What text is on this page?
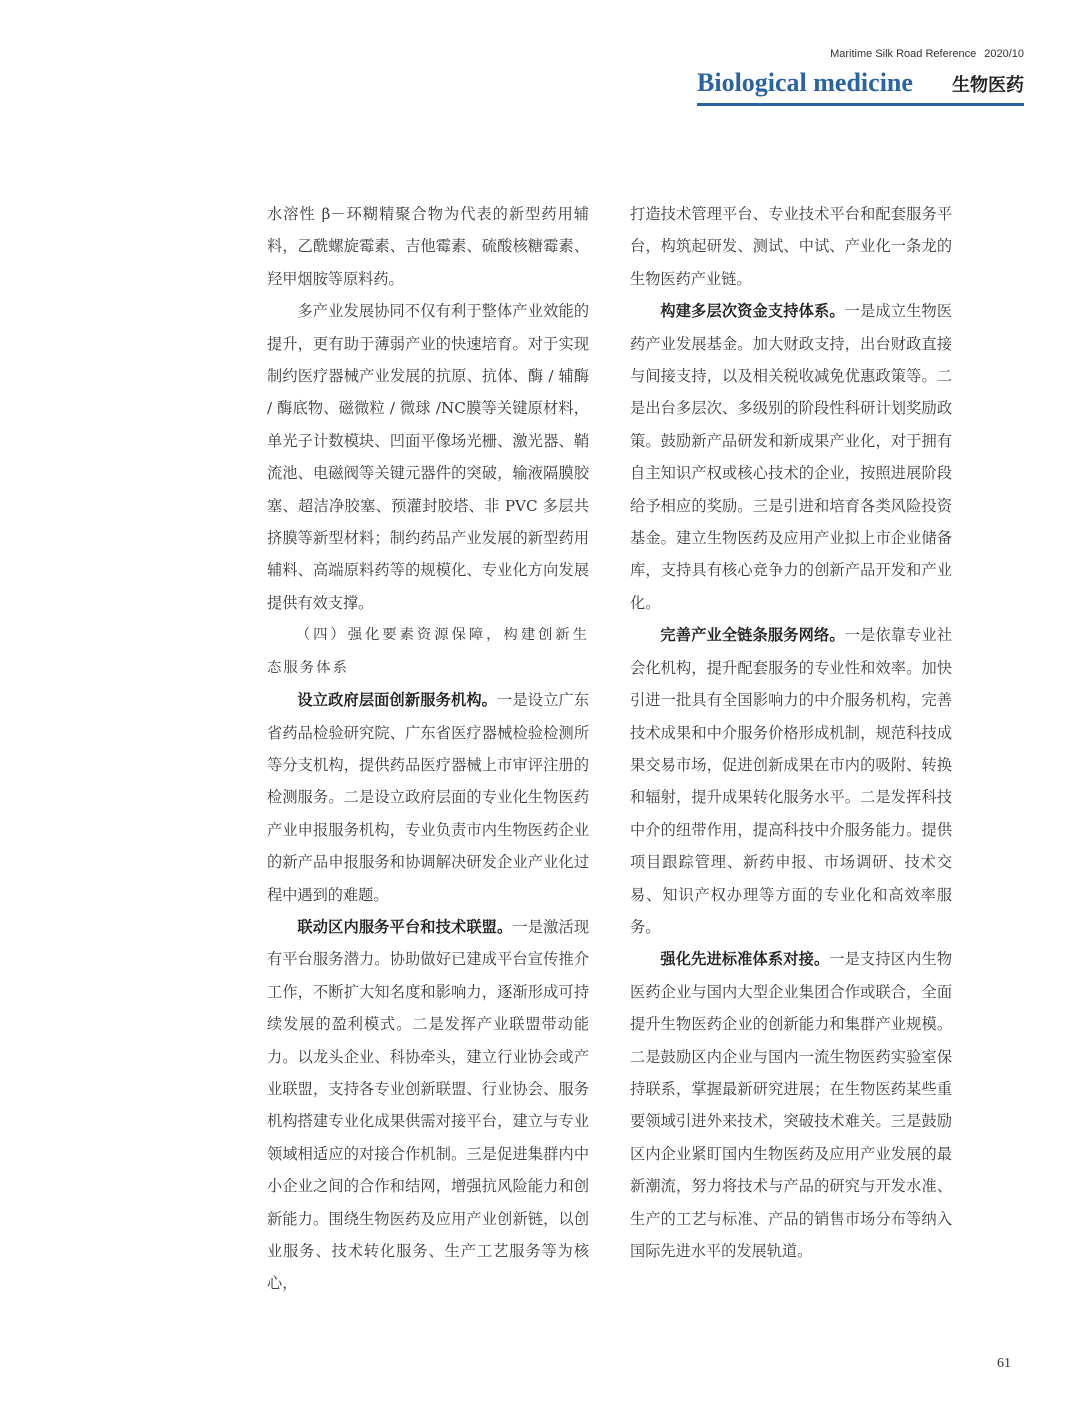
Maritime Silk Road Reference 2020/10
Biological medicine 生物医药

水溶性 β－环糊精聚合物为代表的新型药用辅料，乙酰螺旋霉素、吉他霉素、硫酸核糖霉素、羟甲烟胺等原料药。

多产业发展协同不仅有利于整体产业效能的提升，更有助于薄弱产业的快速培育。对于实现制约医疗器械产业发展的抗原、抗体、酶 / 辅酶 / 酶底物、磁微粒 / 微球 /NC膜等关键原材料，单光子计数模块、凹面平像场光栅、激光器、鞘流池、电磁阀等关键元器件的突破，输液隔膜胶塞、超洁净胶塞、预灌封胶塔、非 PVC 多层共挤膜等新型材料；制约药品产业发展的新型药用辅料、高端原料药等的规模化、专业化方向发展提供有效支撑。

（四）强化要素资源保障，构建创新生态服务体系

设立政府层面创新服务机构。一是设立广东省药品检验研究院、广东省医疗器械检验检测所等分支机构，提供药品医疗器械上市审评注册的检测服务。二是设立政府层面的专业化生物医药产业申报服务机构，专业负责市内生物医药企业的新产品申报服务和协调解决研发企业产业化过程中遇到的难题。

联动区内服务平台和技术联盟。一是激活现有平台服务潜力。协助做好已建成平台宣传推介工作，不断扩大知名度和影响力，逐渐形成可持续发展的盈利模式。二是发挥产业联盟带动能力。以龙头企业、科协牵头，建立行业协会或产业联盟，支持各专业创新联盟、行业协会、服务机构搭建专业化成果供需对接平台，建立与专业领域相适应的对接合作机制。三是促进集群内中小企业之间的合作和结网，增强抗风险能力和创新能力。围绕生物医药及应用产业创新链，以创业服务、技术转化服务、生产工艺服务等为核心，

打造技术管理平台、专业技术平台和配套服务平台，构筑起研发、测试、中试、产业化一条龙的生物医药产业链。

构建多层次资金支持体系。一是成立生物医药产业发展基金。加大财政支持，出台财政直接与间接支持，以及相关税收减免优惠政策等。二是出台多层次、多级别的阶段性科研计划奖励政策。鼓励新产品研发和新成果产业化，对于拥有自主知识产权或核心技术的企业，按照进展阶段给予相应的奖励。三是引进和培育各类风险投资基金。建立生物医药及应用产业拟上市企业储备库，支持具有核心竞争力的创新产品开发和产业化。

完善产业全链条服务网络。一是依靠专业社会化机构，提升配套服务的专业性和效率。加快引进一批具有全国影响力的中介服务机构，完善技术成果和中介服务价格形成机制，规范科技成果交易市场，促进创新成果在市内的吸附、转换和辐射，提升成果转化服务水平。二是发挥科技中介的纽带作用，提高科技中介服务能力。提供项目跟踪管理、新药申报、市场调研、技术交易、知识产权办理等方面的专业化和高效率服务。

强化先进标准体系对接。一是支持区内生物医药企业与国内大型企业集团合作或联合，全面提升生物医药企业的创新能力和集群产业规模。二是鼓励区内企业与国内一流生物医药实验室保持联系，掌握最新研究进展；在生物医药某些重要领域引进外来技术，突破技术难关。三是鼓励区内企业紧盯国内生物医药及应用产业发展的最新潮流，努力将技术与产品的研究与开发水准、生产的工艺与标准、产品的销售市场分布等纳入国际先进水平的发展轨道。

61
